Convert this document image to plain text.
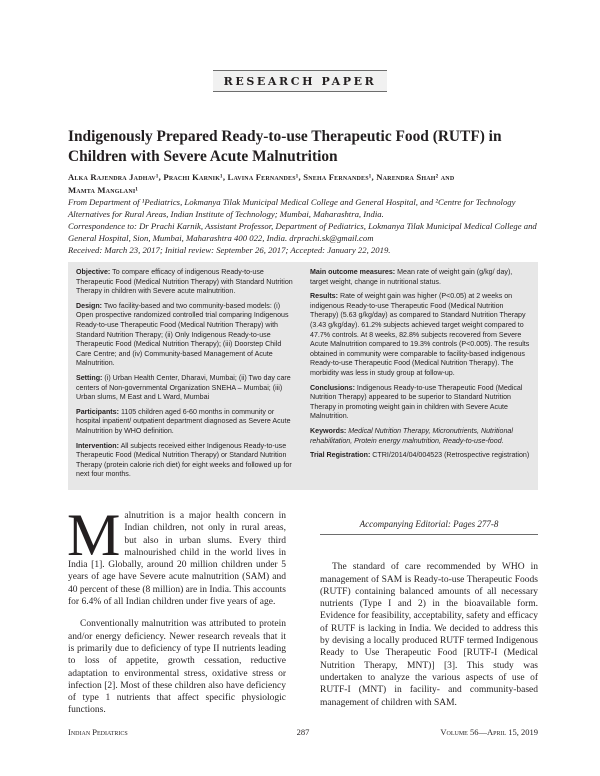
RESEARCH PAPER
Indigenously Prepared Ready-to-use Therapeutic Food (RUTF) in Children with Severe Acute Malnutrition
Alka Rajendra Jadhav¹, Prachi Karnik¹, Lavina Fernandes¹, Sneha Fernandes¹, Narendra Shah² and
Mamta Manglani¹

From Department of ¹Pediatrics, Lokmanya Tilak Municipal Medical College and General Hospital, and ²Centre for Technology Alternatives for Rural Areas, Indian Institute of Technology; Mumbai, Maharashtra, India.

Correspondence to: Dr Prachi Karnik, Assistant Professor, Department of Pediatrics, Lokmanya Tilak Municipal Medical College and General Hospital, Sion, Mumbai, Maharashtra 400 022, India. drprachi.sk@gmail.com

Received: March 23, 2017; Initial review: September 26, 2017; Accepted: January 22, 2019.

Objective: To compare efficacy of indigenous Ready-to-use Therapeutic Food (Medical Nutrition Therapy) with Standard Nutrition Therapy in children with Severe acute malnutrition.

Design: Two facility-based and two community-based models: (i) Open prospective randomized controlled trial comparing Indigenous Ready-to-use Therapeutic Food (Medical Nutrition Therapy) with Standard Nutrition Therapy; (ii) Only Indigenous Ready-to-use Therapeutic Food (Medical Nutrition Therapy); (iii) Doorstep Child Care Centre; and (iv) Community-based Management of Acute Malnutrition.

Setting: (i) Urban Health Center, Dharavi, Mumbai; (ii) Two day care centers of Non-governmental Organization SNEHA – Mumbai; (iii) Urban slums, M East and L Ward, Mumbai

Participants: 1105 children aged 6-60 months in community or hospital inpatient/ outpatient department diagnosed as Severe Acute Malnutrition by WHO definition.

Intervention: All subjects received either Indigenous Ready-to-use Therapeutic Food (Medical Nutrition Therapy) or Standard Nutrition Therapy (protein calorie rich diet) for eight weeks and followed up for next four months.

Main outcome measures: Mean rate of weight gain (g/kg/ day), target weight, change in nutritional status.

Results: Rate of weight gain was higher (P<0.05) at 2 weeks on indigenous Ready-to-use Therapeutic Food (Medical Nutrition Therapy) (5.63 g/kg/day) as compared to Standard Nutrition Therapy (3.43 g/kg/day). 61.2% subjects achieved target weight compared to 47.7% controls. At 8 weeks, 82.8% subjects recovered from Severe Acute Malnutrition compared to 19.3% controls (P<0.005). The results obtained in community were comparable to facility-based indigenous Ready-to-use Therapeutic Food (Medical Nutrition Therapy). The morbidity was less in study group at follow-up.

Conclusions: Indigenous Ready-to-use Therapeutic Food (Medical Nutrition Therapy) appeared to be superior to Standard Nutrition Therapy in promoting weight gain in children with Severe Acute Malnutrition.

Keywords: Medical Nutrition Therapy, Micronutrients, Nutritional rehabilitation, Protein energy malnutrition, Ready-to-use-food.

Trial Registration: CTRI/2014/04/004523 (Retrospective registration)

Malnutrition is a major health concern in Indian children, not only in rural areas, but also in urban slums. Every third malnourished child in the world lives in India [1]. Globally, around 20 million children under 5 years of age have Severe acute malnutrition (SAM) and 40 percent of these (8 million) are in India. This accounts for 6.4% of all Indian children under five years of age.

Conventionally malnutrition was attributed to protein and/or energy deficiency. Newer research reveals that it is primarily due to deficiency of type II nutrients leading to loss of appetite, growth cessation, reductive adaptation to environmental stress, oxidative stress or infection [2]. Most of these children also have deficiency of type 1 nutrients that affect specific physiologic functions.

Accompanying Editorial: Pages 277-8

The standard of care recommended by WHO in management of SAM is Ready-to-use Therapeutic Foods (RUTF) containing balanced amounts of all necessary nutrients (Type I and 2) in the bioavailable form. Evidence for feasibility, acceptability, safety and efficacy of RUTF is lacking in India. We decided to address this by devising a locally produced RUTF termed Indigenous Ready to Use Therapeutic Food [RUTF-I (Medical Nutrition Therapy, MNT)] [3]. This study was undertaken to analyze the various aspects of use of RUTF-I (MNT) in facility- and community-based management of children with SAM.

Indian Pediatrics	287	Volume 56—April 15, 2019
